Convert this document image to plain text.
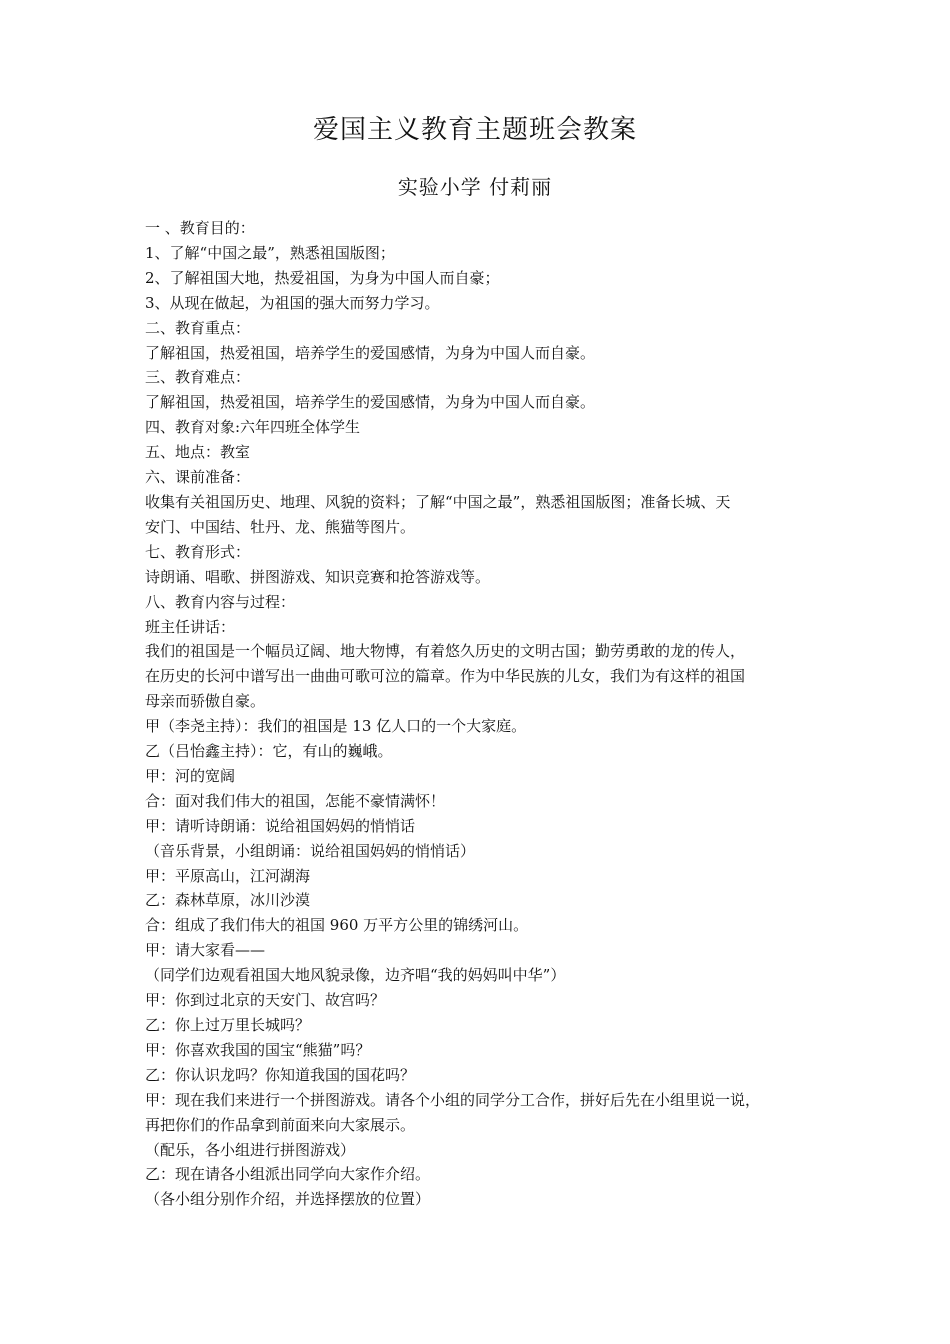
爱国主义教育主题班会教案
实验小学 付莉丽
一 、教育目的：
1、了解“中国之最”，熟悉祖国版图；
2、了解祖国大地，热爱祖国，为身为中国人而自豪；
3、从现在做起，为祖国的强大而努力学习。
二、教育重点：
了解祖国，热爱祖国，培养学生的爱国感情，为身为中国人而自豪。
三、教育难点：
了解祖国，热爱祖国，培养学生的爱国感情，为身为中国人而自豪。
四、教育对象:六年四班全体学生
五、地点：教室
六、课前准备：
收集有关祖国历史、地理、风貌的资料；了解“中国之最”，熟悉祖国版图；准备长城、天
安门、中国结、牡丹、龙、熊猫等图片。
七、教育形式：
诗朗诵、唱歌、拼图游戏、知识竞赛和抢答游戏等。
八、教育内容与过程：
班主任讲话：
我们的祖国是一个幅员辽阔、地大物博，有着悠久历史的文明古国；勤劳勇敢的龙的传人，
在历史的长河中谱写出一曲曲可歌可泣的篇章。作为中华民族的儿女，我们为有这样的祖国
母亲而骄傲自豪。
甲（李尧主持）：我们的祖国是 13 亿人口的一个大家庭。
乙（吕怡鑫主持）：它，有山的巍峨。
甲：河的宽阔
合：面对我们伟大的祖国，怎能不豪情满怀！
甲：请听诗朗诵：说给祖国妈妈的悄悄话
（音乐背景，小组朗诵：说给祖国妈妈的悄悄话）
甲：平原高山，江河湖海
乙：森林草原，冰川沙漠
合：组成了我们伟大的祖国 960 万平方公里的锦绣河山。
甲：请大家看——
（同学们边观看祖国大地风貌录像，边齐唱“我的妈妈叫中华”）
甲：你到过北京的天安门、故宫吗？
乙：你上过万里长城吗？
甲：你喜欢我国的国宝“熊猫”吗？
乙：你认识龙吗？你知道我国的国花吗？
甲：现在我们来进行一个拼图游戏。请各个小组的同学分工合作，拼好后先在小组里说一说，
再把你们的作品拿到前面来向大家展示。
（配乐，各小组进行拼图游戏）
乙：现在请各小组派出同学向大家作介绍。
（各小组分别作介绍，并选择摆放的位置）
